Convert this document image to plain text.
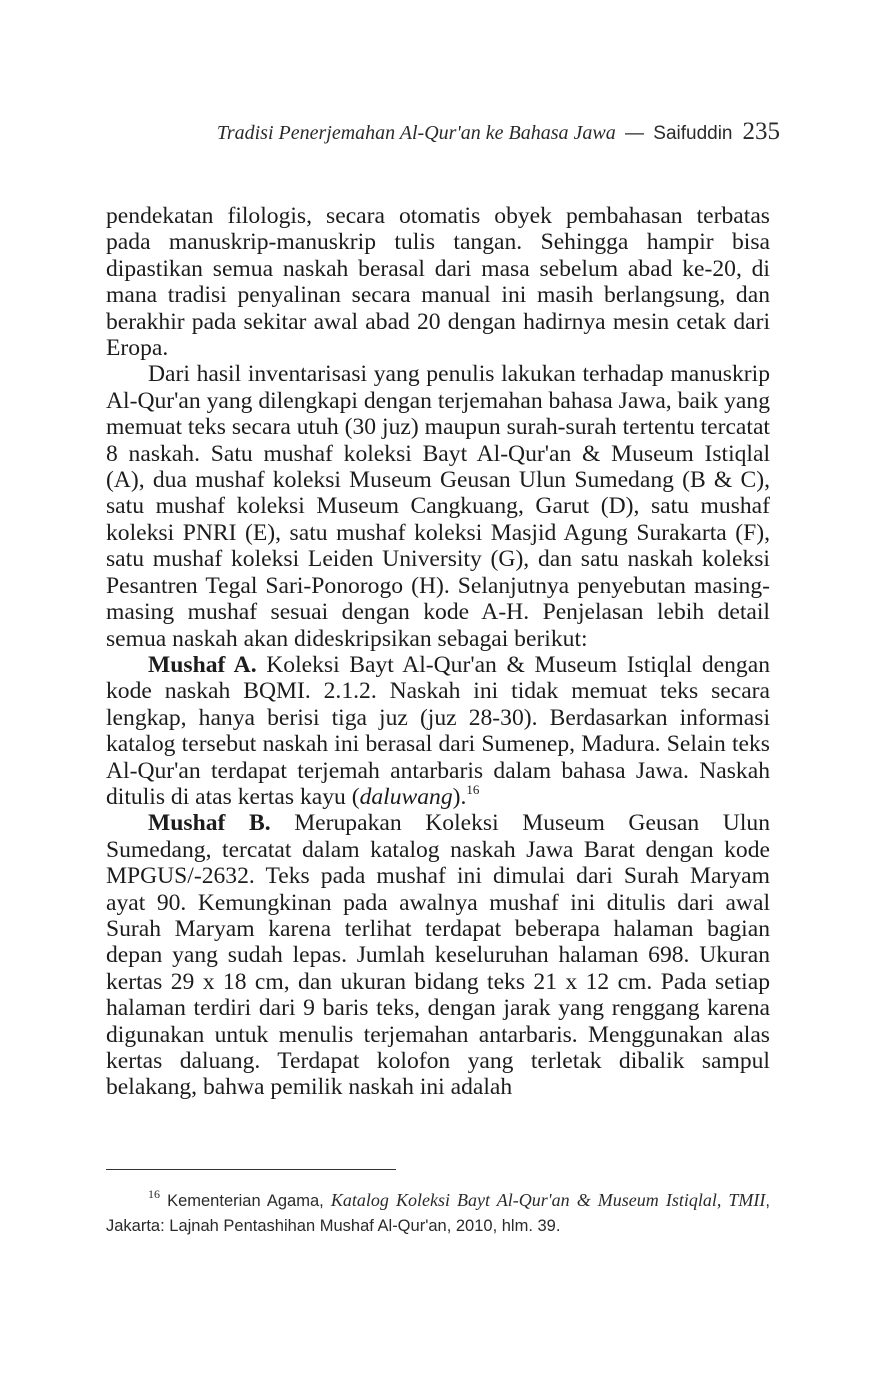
Tradisi Penerjemahan Al-Qur'an ke Bahasa Jawa — Saifuddin 235

pendekatan filologis, secara otomatis obyek pembahasan terbatas pada manuskrip-manuskrip tulis tangan. Sehingga hampir bisa dipastikan semua naskah berasal dari masa sebelum abad ke-20, di mana tradisi penyalinan secara manual ini masih berlangsung, dan berakhir pada sekitar awal abad 20 dengan hadirnya mesin cetak dari Eropa.

Dari hasil inventarisasi yang penulis lakukan terhadap manuskrip Al-Qur'an yang dilengkapi dengan terjemahan bahasa Jawa, baik yang memuat teks secara utuh (30 juz) maupun surah-surah tertentu tercatat 8 naskah. Satu mushaf koleksi Bayt Al-Qur'an & Museum Istiqlal (A), dua mushaf koleksi Museum Geusan Ulun Sumedang (B & C), satu mushaf koleksi Museum Cangkuang, Garut (D), satu mushaf koleksi PNRI (E), satu mushaf koleksi Masjid Agung Surakarta (F), satu mushaf koleksi Leiden University (G), dan satu naskah koleksi Pesantren Tegal Sari-Ponorogo (H). Selanjutnya penyebutan masing-masing mushaf sesuai dengan kode A-H. Penjelasan lebih detail semua naskah akan dideskripsikan sebagai berikut:

Mushaf A. Koleksi Bayt Al-Qur'an & Museum Istiqlal dengan kode naskah BQMI. 2.1.2. Naskah ini tidak memuat teks secara lengkap, hanya berisi tiga juz (juz 28-30). Berdasarkan informasi katalog tersebut naskah ini berasal dari Sumenep, Madura. Selain teks Al-Qur'an terdapat terjemah antarbaris dalam bahasa Jawa. Naskah ditulis di atas kertas kayu (daluwang).$^{16}$

Mushaf B. Merupakan Koleksi Museum Geusan Ulun Sumedang, tercatat dalam katalog naskah Jawa Barat dengan kode MPGUS/-2632. Teks pada mushaf ini dimulai dari Surah Maryam ayat 90. Kemungkinan pada awalnya mushaf ini ditulis dari awal Surah Maryam karena terlihat terdapat beberapa halaman bagian depan yang sudah lepas. Jumlah keseluruhan halaman 698. Ukuran kertas 29 x 18 cm, dan ukuran bidang teks 21 x 12 cm. Pada setiap halaman terdiri dari 9 baris teks, dengan jarak yang renggang karena digunakan untuk menulis terjemahan antarbaris. Menggunakan alas kertas daluang. Terdapat kolofon yang terletak dibalik sampul belakang, bahwa pemilik naskah ini adalah

$^{16}$ Kementerian Agama, Katalog Koleksi Bayt Al-Qur'an & Museum Istiqlal, TMII, Jakarta: Lajnah Pentashihan Mushaf Al-Qur'an, 2010, hlm. 39.
